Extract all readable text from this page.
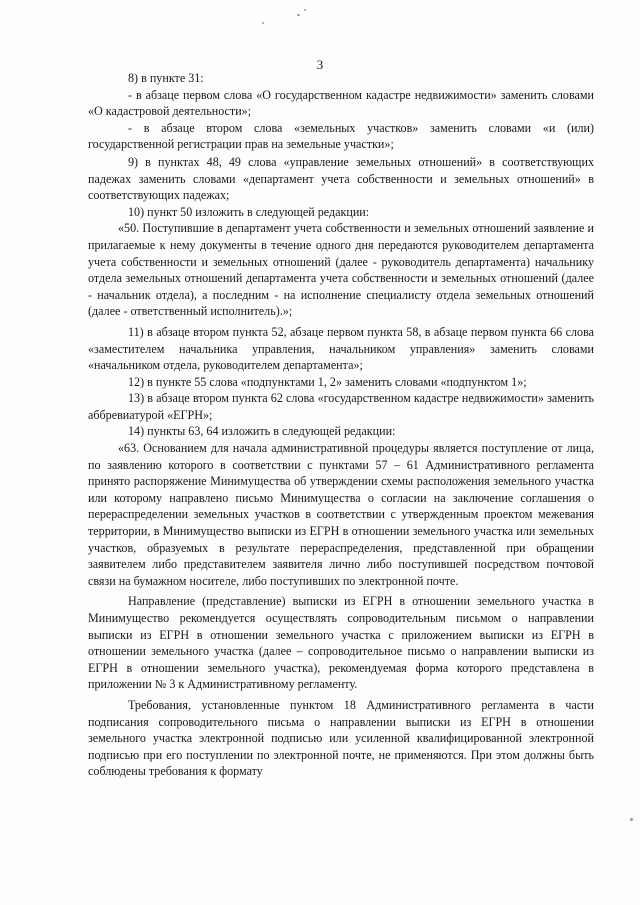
3

8) в пункте 31:

- в абзаце первом слова «О государственном кадастре недвижимости» заменить словами «О кадастровой деятельности»;

- в абзаце втором слова «земельных участков» заменить словами «и (или) государственной регистрации прав на земельные участки»;

9) в пунктах 48, 49 слова «управление земельных отношений» в соответствующих падежах заменить словами «департамент учета собственности и земельных отношений» в соответствующих падежах;

10) пункт 50 изложить в следующей редакции:

«50. Поступившие в департамент учета собственности и земельных отношений заявление и прилагаемые к нему документы в течение одного дня передаются руководителем департамента учета собственности и земельных отношений (далее - руководитель департамента) начальнику отдела земельных отношений департамента учета собственности и земельных отношений (далее - начальник отдела), а последним - на исполнение специалисту отдела земельных отношений (далее - ответственный исполнитель).»;

11) в абзаце втором пункта 52, абзаце первом пункта 58, в абзаце первом пункта 66 слова «заместителем начальника управления, начальником управления» заменить словами «начальником отдела, руководителем департамента»;

12) в пункте 55 слова «подпунктами 1, 2» заменить словами «подпунктом 1»;

13) в абзаце втором пункта 62 слова «государственном кадастре недвижимости» заменить аббревиатурой «ЕГРН»;

14) пункты 63, 64 изложить в следующей редакции:

«63. Основанием для начала административной процедуры является поступление от лица, по заявлению которого в соответствии с пунктами 57 – 61 Административного регламента принято распоряжение Минимущества об утверждении схемы расположения земельного участка или которому направлено письмо Минимущества о согласии на заключение соглашения о перераспределении земельных участков в соответствии с утвержденным проектом межевания территории, в Минимущество выписки из ЕГРН в отношении земельного участка или земельных участков, образуемых в результате перераспределения, представленной при обращении заявителем либо представителем заявителя лично либо поступившей посредством почтовой связи на бумажном носителе, либо поступивших по электронной почте.

Направление (представление) выписки из ЕГРН в отношении земельного участка в Минимущество рекомендуется осуществлять сопроводительным письмом о направлении выписки из ЕГРН в отношении земельного участка с приложением выписки из ЕГРН в отношении земельного участка (далее – сопроводительное письмо о направлении выписки из ЕГРН в отношении земельного участка), рекомендуемая форма которого представлена в приложении № 3 к Административному регламенту.

Требования, установленные пунктом 18 Административного регламента в части подписания сопроводительного письма о направлении выписки из ЕГРН в отношении земельного участка электронной подписью или усиленной квалифицированной электронной подписью при его поступлении по электронной почте, не применяются. При этом должны быть соблюдены требования к формату
